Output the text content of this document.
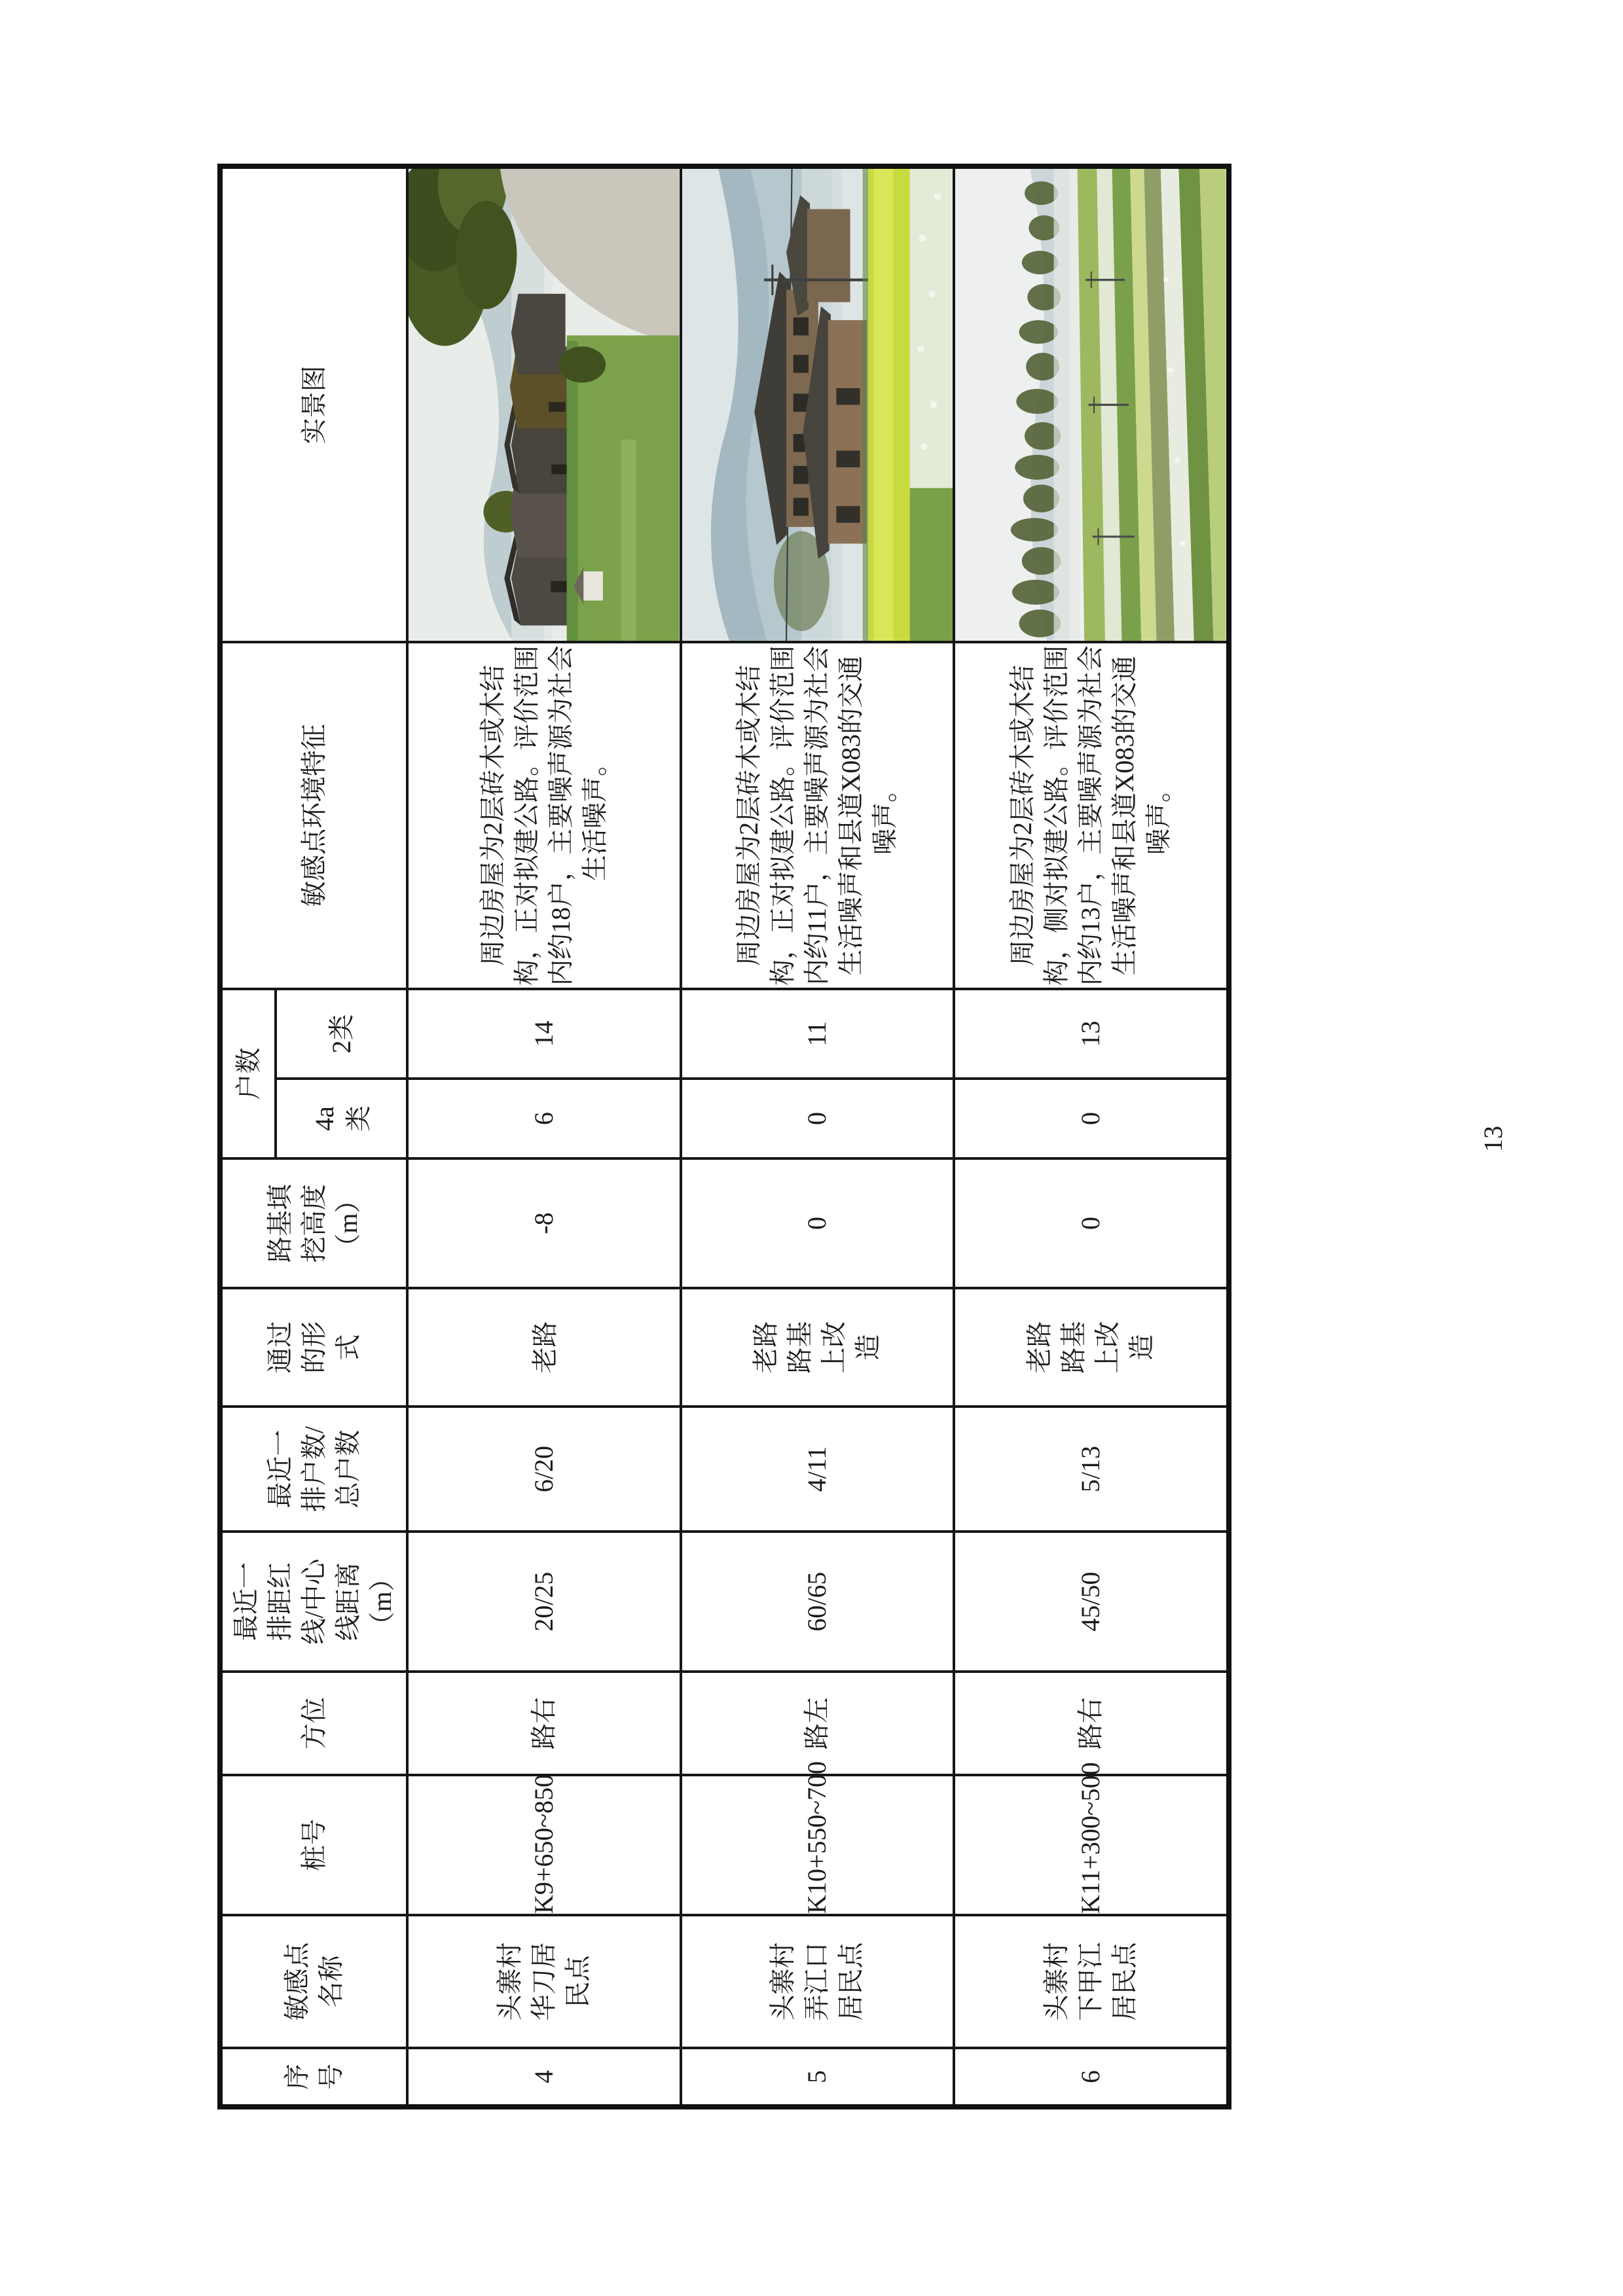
序号	敏感点名称	桩号	方位	最近一排距红线/中心线距离（m）	最近一排户数/总户数	通过的形式	路基填挖高度（m）	户数		敏感点环境特征	实景图
								4a类	2类		
4	头寨村华刀居民点	K9+650~850	路右	20/25	6/20	老路	-8	6	14	周边房屋为2层砖木或木结构，正对拟建公路。评价范围内约18户，主要噪声源为社会生活噪声。	

5	头寨村弄江口居民点	K10+550~700	路左	60/65	4/11	老路路基上改造	0	0	11	周边房屋为2层砖木或木结构，正对拟建公路。评价范围内约11户，主要噪声源为社会生活噪声和县道X083的交通噪声。	

6	头寨村下甲江居民点	K11+300~500	路右	45/50	5/13	老路路基上改造	0	0	13	周边房屋为2层砖木或木结构，侧对拟建公路。评价范围内约13户，主要噪声源为社会生活噪声和县道X083的交通噪声。	
13
